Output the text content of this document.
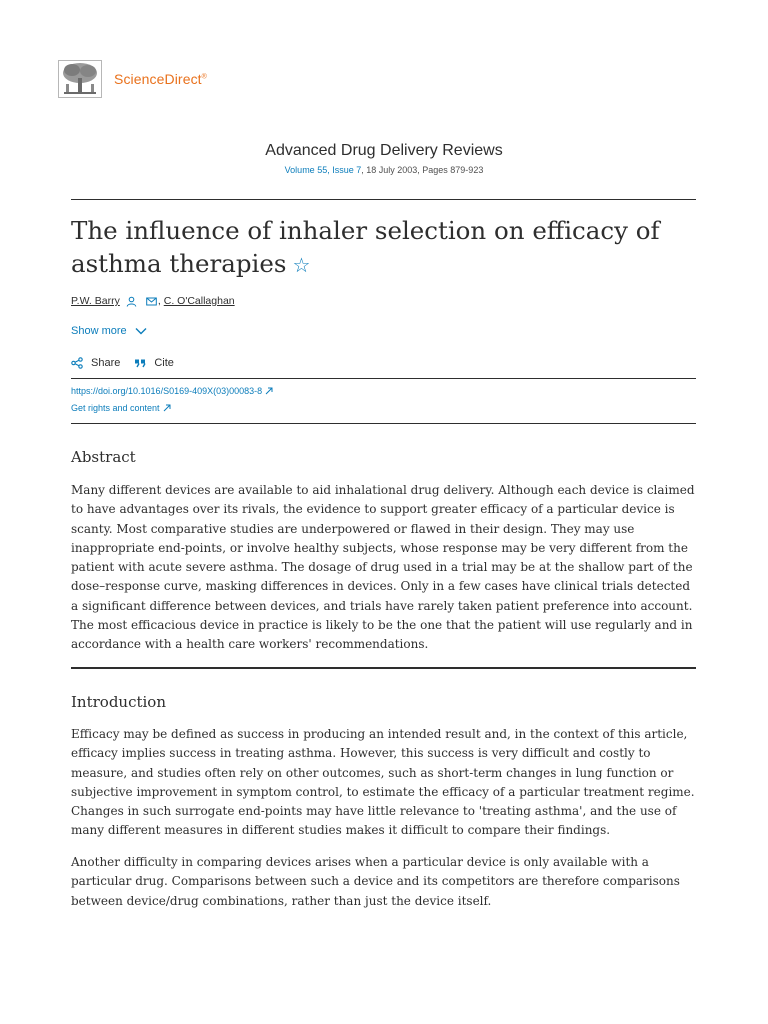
ScienceDirect®
Advanced Drug Delivery Reviews
Volume 55, Issue 7, 18 July 2003, Pages 879-923
The influence of inhaler selection on efficacy of asthma therapies ☆
P.W. Barry	, C. O'Callaghan
Show more
Share	Cite
https://doi.org/10.1016/S0169-409X(03)00083-8
Get rights and content
Abstract
Many different devices are available to aid inhalational drug delivery. Although each device is claimed to have advantages over its rivals, the evidence to support greater efficacy of a particular device is scanty. Most comparative studies are underpowered or flawed in their design. They may use inappropriate end-points, or involve healthy subjects, whose response may be very different from the patient with acute severe asthma. The dosage of drug used in a trial may be at the shallow part of the dose–response curve, masking differences in devices. Only in a few cases have clinical trials detected a significant difference between devices, and trials have rarely taken patient preference into account. The most efficacious device in practice is likely to be the one that the patient will use regularly and in accordance with a health care workers' recommendations.
Introduction
Efficacy may be defined as success in producing an intended result and, in the context of this article, efficacy implies success in treating asthma. However, this success is very difficult and costly to measure, and studies often rely on other outcomes, such as short-term changes in lung function or subjective improvement in symptom control, to estimate the efficacy of a particular treatment regime. Changes in such surrogate end-points may have little relevance to 'treating asthma', and the use of many different measures in different studies makes it difficult to compare their findings.
Another difficulty in comparing devices arises when a particular device is only available with a particular drug. Comparisons between such a device and its competitors are therefore comparisons between device/drug combinations, rather than just the device itself.
